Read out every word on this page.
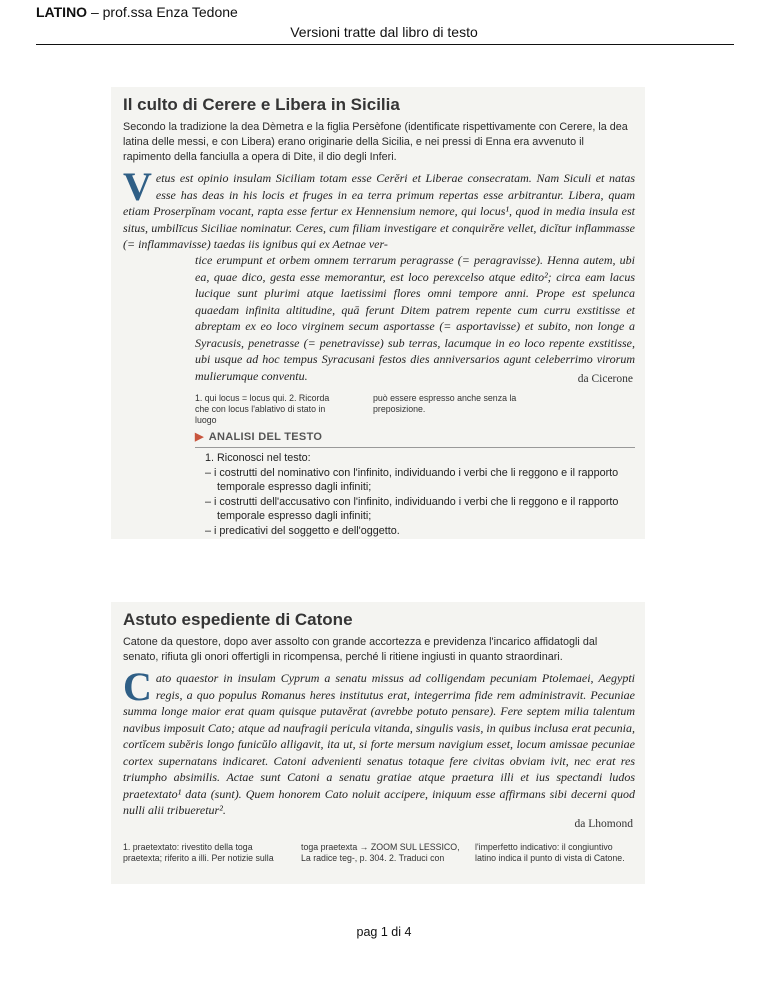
LATINO – prof.ssa Enza Tedone
Versioni tratte dal libro di testo
Il culto di Cerere e Libera in Sicilia

Secondo la tradizione la dea Dèmetra e la figlia Persèfone (identificate rispettivamente con Cerere, la dea latina delle messi, e con Libera) erano originarie della Sicilia, e nei pressi di Enna era avvenuto il rapimento della fanciulla a opera di Dite, il dio degli Inferi.

Vetus est opinio insulam Siciliam totam esse Cerĕri et Liberae consecratam. Nam Siculi et natas esse has deas in his locis et fruges in ea terra primum repertas esse arbitrantur. Libera, quam etiam Proserpĭnam vocant, rapta esse fertur ex Hennensium nemore, qui locus¹, quod in media insula est situs, umbilīcus Siciliae nominatur. Ceres, cum filiam investigare et conquirĕre vellet, dicĭtur inflammasse (= inflammavisse) taedas iis ignibus qui ex Aetnae ver-

tice erumpunt et orbem omnem terrarum peragrasse (= peragravisse). Henna autem, ubi ea, quae dico, gesta esse memorantur, est loco perexcelso atque edito²; circa eam lacus lucique sunt plurimi atque laetissimi flores omni tempore anni. Prope est spelunca quaedam infinita altitudine, quā ferunt Ditem patrem repente cum curru exstitisse et abreptam ex eo loco virginem secum asportasse (= asportavisse) et subito, non longe a Syracusis, penetrasse (= penetravisse) sub terras, lacumque in eo loco repente exstitisse, ubi usque ad hoc tempus Syracusani festos dies anniversarios agunt celeberrimo virorum mulierumque conventu.	da Cicerone

1. qui locus = locus qui. 2. Ricorda che con locus l'ablativo di stato in luogo

può essere espresso anche senza la preposizione.

▶ ANALISI DEL TESTO
1. Riconosci nel testo:
– i costrutti del nominativo con l'infinito, individuando i verbi che li reggono e il rapporto temporale espresso dagli infiniti;
– i costrutti dell'accusativo con l'infinito, individuando i verbi che li reggono e il rapporto temporale espresso dagli infiniti;
– i predicativi del soggetto e dell'oggetto.
Astuto espediente di Catone

Catone da questore, dopo aver assolto con grande accortezza e previdenza l'incarico affidatogli dal senato, rifiuta gli onori offertigli in ricompensa, perché li ritiene ingiusti in quanto straordinari.

Cato quaestor in insulam Cyprum a senatu missus ad colligendam pecuniam Ptolemaei, Aegypti regis, a quo populus Romanus heres institutus erat, integerrima fide rem administravit. Pecuniae summa longe maior erat quam quisque putavĕrat (avrebbe potuto pensare). Fere septem milia talentum navibus imposuit Cato; atque ad naufragii pericula vitanda, singulis vasis, in quibus inclusa erat pecunia, cortĭcem subĕris longo funicŭlo alligavit, ita ut, si forte mersum navigium esset, locum amissae pecuniae cortex supernatans indicaret. Catoni advenienti senatus totaque fere civitas obviam ivit, nec erat res triumpho absimilis. Actae sunt Catoni a senatu gratiae atque praetura illi et ius spectandi ludos praetextato¹ data (sunt). Quem honorem Cato noluit accipere, iniquum esse affirmans sibi decerni quod nulli alii tribueretur².
da Lhomond

1. praetextato: rivestito della toga praetexta; riferito a illi. Per notizie sulla

toga praetexta → ZOOM SUL LESSICO, La radice teg-, p. 304. 2. Traduci con

l'imperfetto indicativo: il congiuntivo latino indica il punto di vista di Catone.

pag 1 di 4
